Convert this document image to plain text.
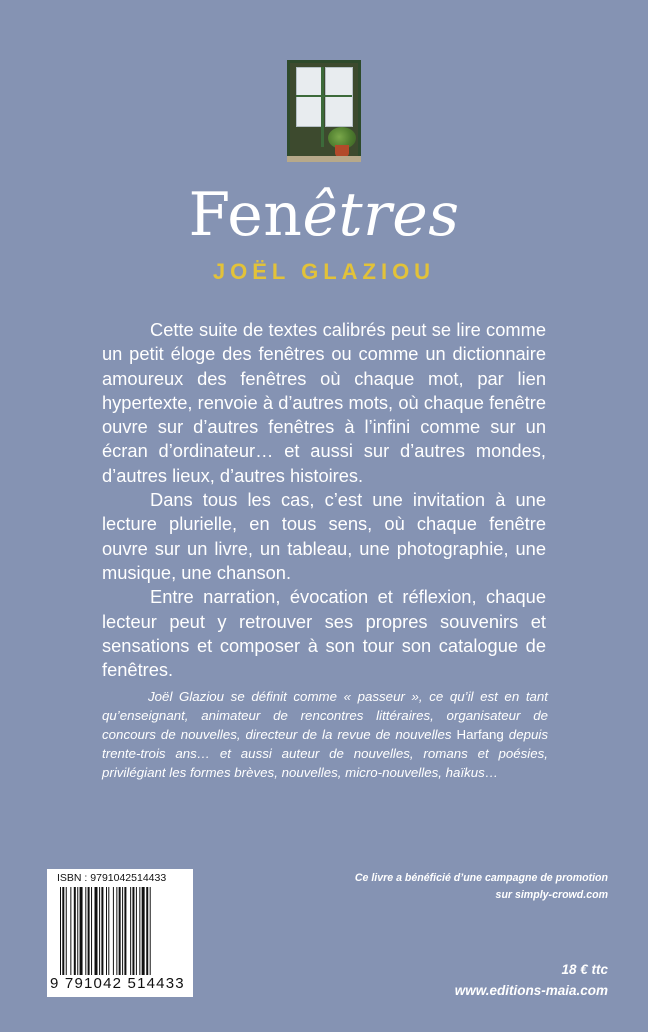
Fenêtres
JOËL GLAZIOU

Cette suite de textes calibrés peut se lire comme un petit éloge des fenêtres ou comme un dictionnaire amoureux des fenêtres où chaque mot, par lien hypertexte, renvoie à d’autres mots, où chaque fenêtre ouvre sur d’autres fenêtres à l’infini comme sur un écran d’ordinateur… et aussi sur d’autres mondes, d’autres lieux, d’autres histoires.

Dans tous les cas, c’est une invitation à une lecture plurielle, en tous sens, où chaque fenêtre ouvre sur un livre, un tableau, une photographie, une musique, une chanson.

Entre narration, évocation et réflexion, chaque lecteur peut y retrouver ses propres souvenirs et sensations et composer à son tour son catalogue de fenêtres.

Joël Glaziou se définit comme « passeur », ce qu’il est en tant qu’enseignant, animateur de rencontres littéraires, organisateur de concours de nouvelles, directeur de la revue de nouvelles Harfang depuis trente-trois ans… et aussi auteur de nouvelles, romans et poésies, privilégiant les formes brèves, nouvelles, micro-nouvelles, haïkus…

Ce livre a bénéficié d’une campagne de promotion
sur simply-crowd.com
18 € ttc
www.editions-maia.com
ISBN : 9791042514433
9 791042 514433
